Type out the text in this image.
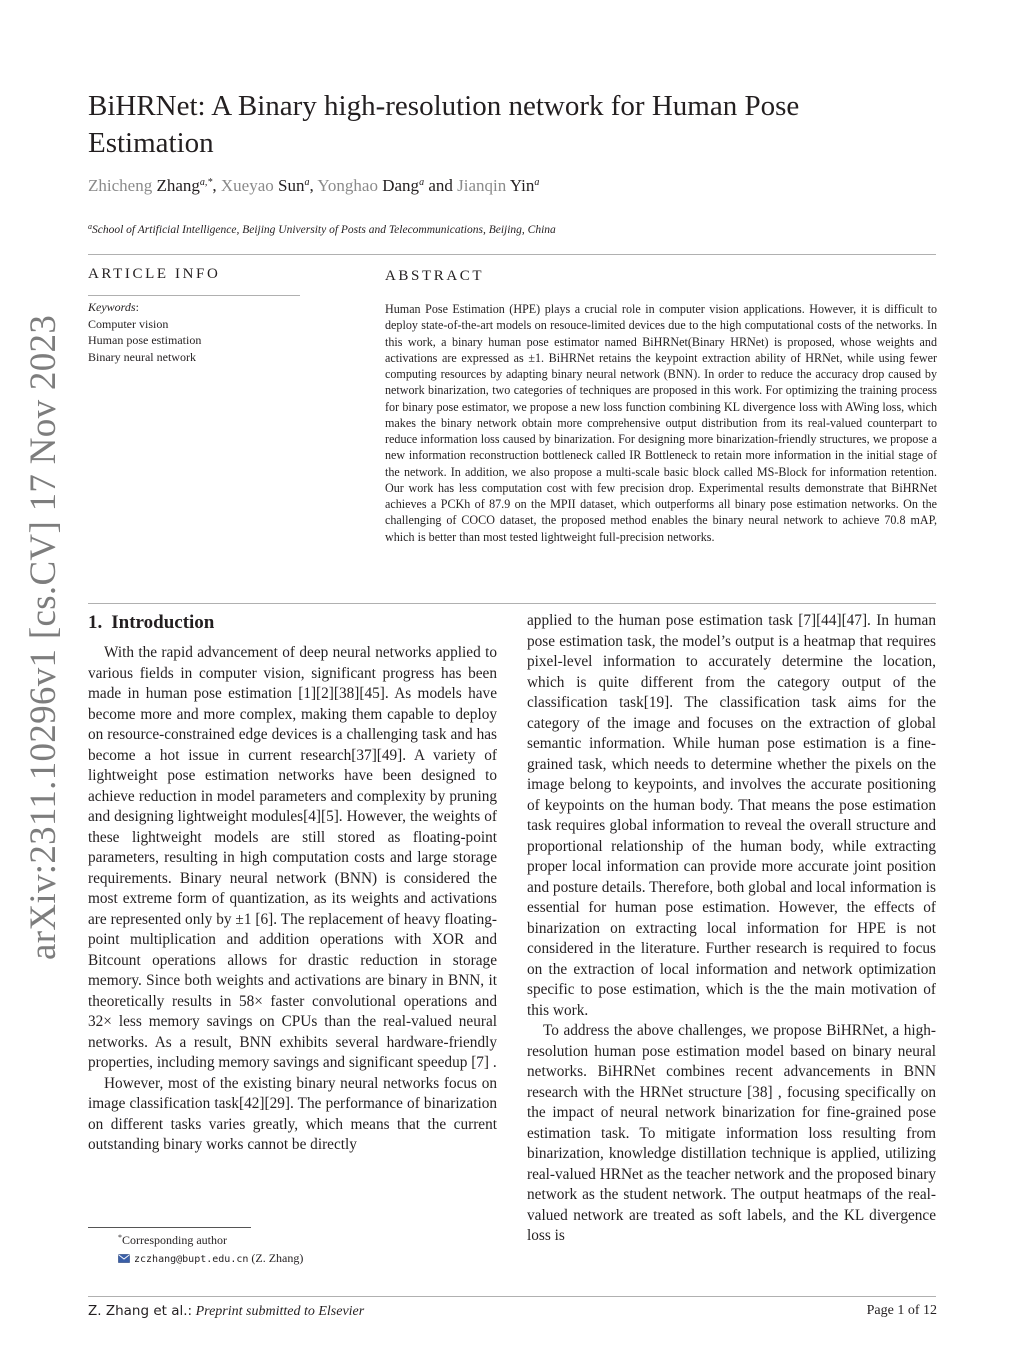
arXiv:2311.10296v1 [cs.CV] 17 Nov 2023
BiHRNet: A Binary high-resolution network for Human Pose Estimation
Zhicheng Zhang$^{a,*}$, Xueyao Sun$^a$, Yonghao Dang$^a$ and Jianqin Yin$^a$
$^a$School of Artificial Intelligence, Beijing University of Posts and Telecommunications, Beijing, China
ARTICLE INFO
Keywords:
Computer vision
Human pose estimation
Binary neural network
ABSTRACT

Human Pose Estimation (HPE) plays a crucial role in computer vision applications. However, it is difficult to deploy state-of-the-art models on resouce-limited devices due to the high computational costs of the networks. In this work, a binary human pose estimator named BiHRNet(Binary HRNet) is proposed, whose weights and activations are expressed as ±1. BiHRNet retains the keypoint extraction ability of HRNet, while using fewer computing resources by adapting binary neural network (BNN). In order to reduce the accuracy drop caused by network binarization, two categories of techniques are proposed in this work. For optimizing the training process for binary pose estimator, we propose a new loss function combining KL divergence loss with AWing loss, which makes the binary network obtain more comprehensive output distribution from its real-valued counterpart to reduce information loss caused by binarization. For designing more binarization-friendly structures, we propose a new information reconstruction bottleneck called IR Bottleneck to retain more information in the initial stage of the network. In addition, we also propose a multi-scale basic block called MS-Block for information retention. Our work has less computation cost with few precision drop. Experimental results demonstrate that BiHRNet achieves a PCKh of 87.9 on the MPII dataset, which outperforms all binary pose estimation networks. On the challenging of COCO dataset, the proposed method enables the binary neural network to achieve 70.8 mAP, which is better than most tested lightweight full-precision networks.

1. Introduction

With the rapid advancement of deep neural networks applied to various fields in computer vision, significant progress has been made in human pose estimation [1][2][38][45]. As models have become more and more complex, making them capable to deploy on resource-constrained edge devices is a challenging task and has become a hot issue in current research[37][49]. A variety of lightweight pose estimation networks have been designed to achieve reduction in model parameters and complexity by pruning and designing lightweight modules[4][5]. However, the weights of these lightweight models are still stored as floating-point parameters, resulting in high computation costs and large storage requirements. Binary neural network (BNN) is considered the most extreme form of quantization, as its weights and activations are represented only by ±1 [6]. The replacement of heavy floating-point multiplication and addition operations with XOR and Bitcount operations allows for drastic reduction in storage memory. Since both weights and activations are binary in BNN, it theoretically results in 58× faster convolutional operations and 32× less memory savings on CPUs than the real-valued neural networks. As a result, BNN exhibits several hardware-friendly properties, including memory savings and significant speedup [7] .

However, most of the existing binary neural networks focus on image classification task[42][29]. The performance of binarization on different tasks varies greatly, which means that the current outstanding binary works cannot be directly

applied to the human pose estimation task [7][44][47]. In human pose estimation task, the model’s output is a heatmap that requires pixel-level information to accurately determine the location, which is quite different from the category output of the classification task[19]. The classification task aims for the category of the image and focuses on the extraction of global semantic information. While human pose estimation is a fine-grained task, which needs to determine whether the pixels on the image belong to keypoints, and involves the accurate positioning of keypoints on the human body. That means the pose estimation task requires global information to reveal the overall structure and proportional relationship of the human body, while extracting proper local information can provide more accurate joint position and posture details. Therefore, both global and local information is essential for human pose estimation. However, the effects of binarization on extracting local information for HPE is not considered in the literature. Further research is required to focus on the extraction of local information and network optimization specific to pose estimation, which is the the main motivation of this work.

To address the above challenges, we propose BiHRNet, a high-resolution human pose estimation model based on binary neural networks. BiHRNet combines recent advancements in BNN research with the HRNet structure [38] , focusing specifically on the impact of neural network binarization for fine-grained pose estimation task. To mitigate information loss resulting from binarization, knowledge distillation technique is applied, utilizing real-valued HRNet as the teacher network and the proposed binary network as the student network. The output heatmaps of the real-valued network are treated as soft labels, and the KL divergence loss is

*Corresponding author
zczhang@bupt.edu.cn (Z. Zhang)
Z. Zhang et al.: Preprint submitted to Elsevier	Page 1 of 12
